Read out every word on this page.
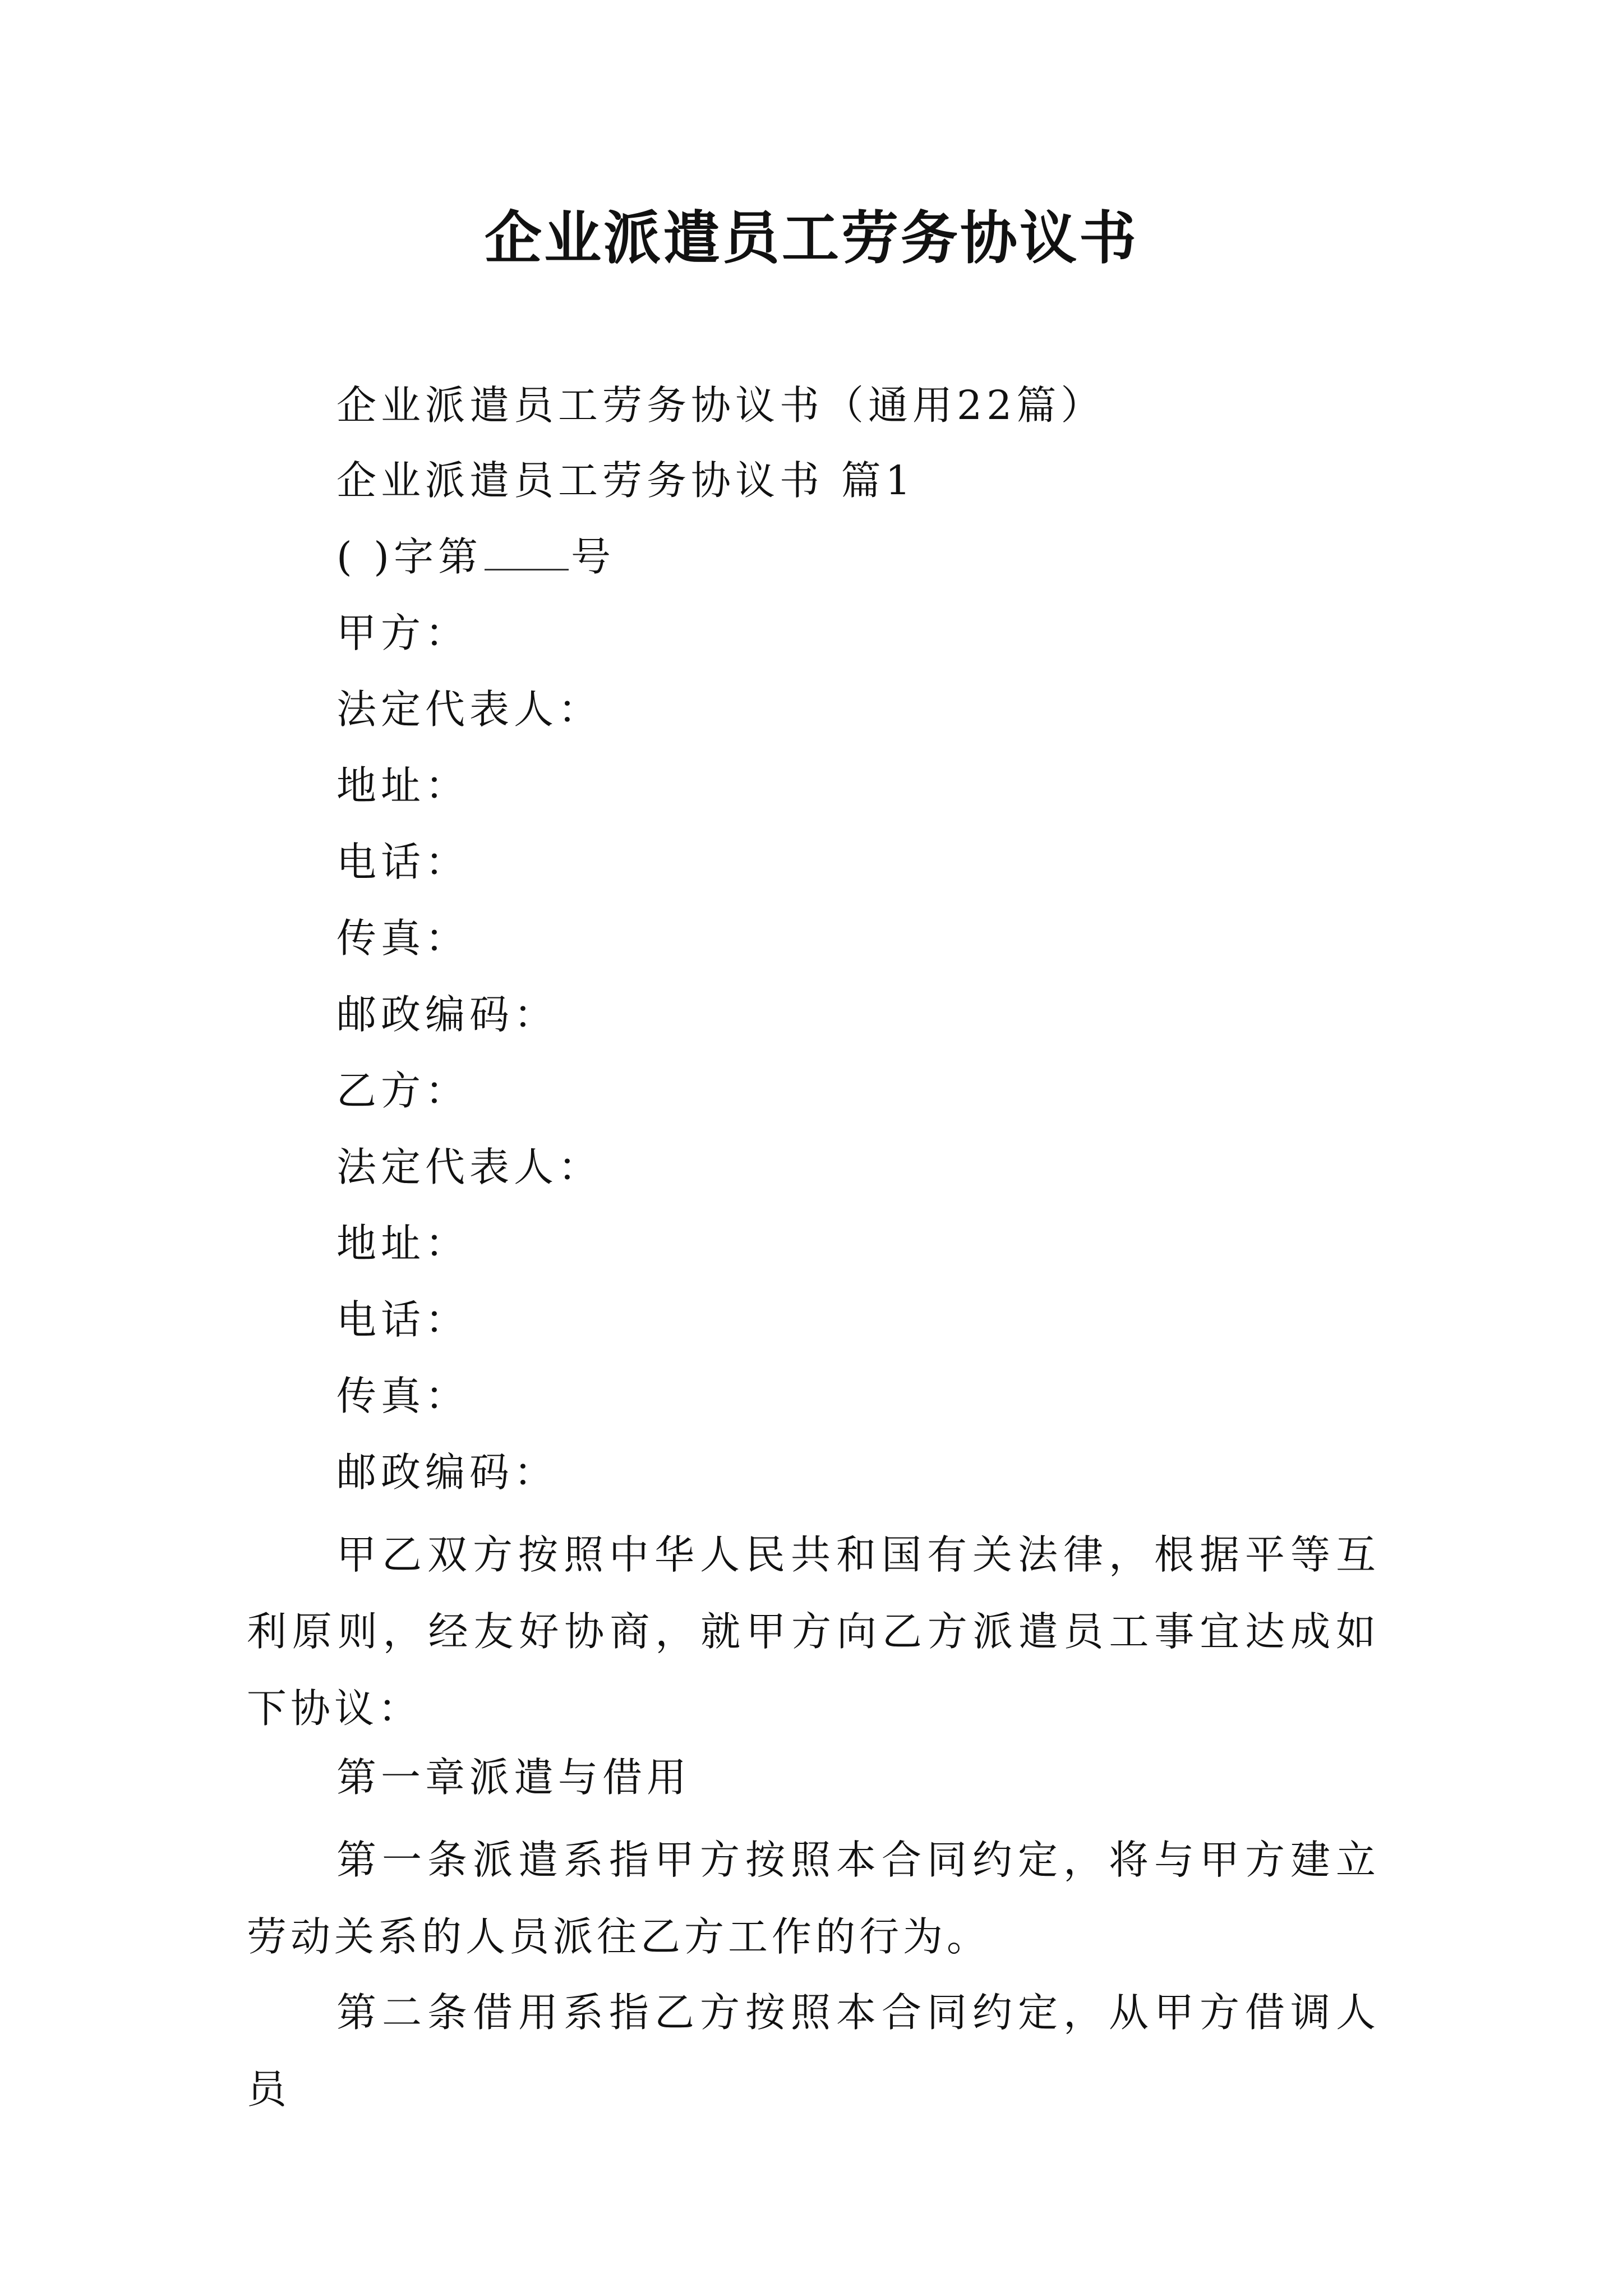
企业派遣员工劳务协议书
企业派遣员工劳务协议书（通用22篇）
企业派遣员工劳务协议书 篇1
( )字第 号
甲方：
法定代表人：
地址：
电话：
传真：
邮政编码：
乙方：
法定代表人：
地址：
电话：
传真：
邮政编码：
甲乙双方按照中华人民共和国有关法律，根据平等互利原则，经友好协商，就甲方向乙方派遣员工事宜达成如下协议：
第一章派遣与借用
第一条派遣系指甲方按照本合同约定，将与甲方建立劳动关系的人员派往乙方工作的行为。
第二条借用系指乙方按照本合同约定，从甲方借调人员
